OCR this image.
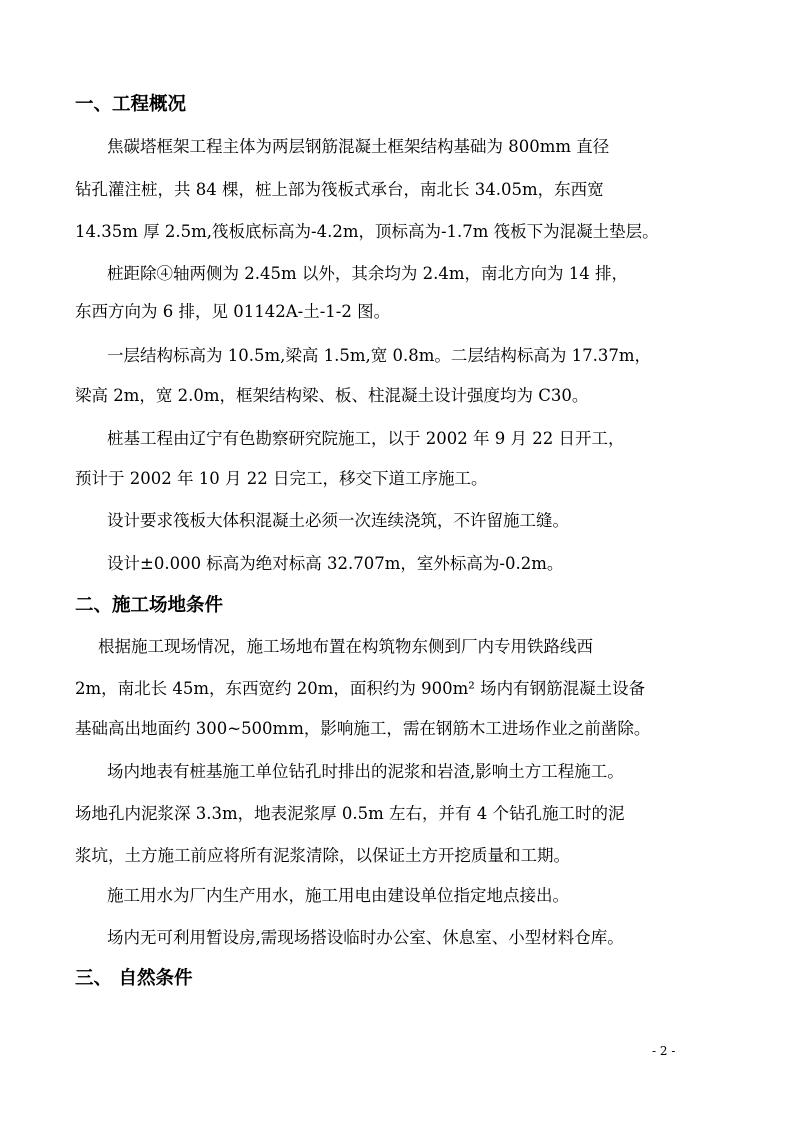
一、工程概况
焦碳塔框架工程主体为两层钢筋混凝土框架结构基础为 800mm 直径
钻孔灌注桩，共 84 棵，桩上部为筏板式承台，南北长 34.05m，东西宽
14.35m 厚 2.5m,筏板底标高为-4.2m，顶标高为-1.7m 筏板下为混凝土垫层。
桩距除④轴两侧为 2.45m 以外，其余均为 2.4m，南北方向为 14 排，
东西方向为 6 排，见 01142A-土-1-2 图。
一层结构标高为 10.5m,梁高 1.5m,宽 0.8m。二层结构标高为 17.37m，
梁高 2m，宽 2.0m，框架结构梁、板、柱混凝土设计强度均为 C30。
桩基工程由辽宁有色勘察研究院施工，以于 2002 年 9 月 22 日开工，
预计于 2002 年 10 月 22 日完工，移交下道工序施工。
设计要求筏板大体积混凝土必须一次连续浇筑，不许留施工缝。
设计±0.000 标高为绝对标高 32.707m，室外标高为-0.2m。
二、施工场地条件
根据施工现场情况，施工场地布置在构筑物东侧到厂内专用铁路线西
2m，南北长 45m，东西宽约 20m，面积约为 900m² 场内有钢筋混凝土设备
基础高出地面约 300~500mm，影响施工，需在钢筋木工进场作业之前凿除。
场内地表有桩基施工单位钻孔时排出的泥浆和岩渣,影响土方工程施工。
场地孔内泥浆深 3.3m，地表泥浆厚 0.5m 左右，并有 4 个钻孔施工时的泥
浆坑，土方施工前应将所有泥浆清除，以保证土方开挖质量和工期。
施工用水为厂内生产用水，施工用电由建设单位指定地点接出。
场内无可利用暂设房,需现场搭设临时办公室、休息室、小型材料仓库。
三、 自然条件
- 2 -
